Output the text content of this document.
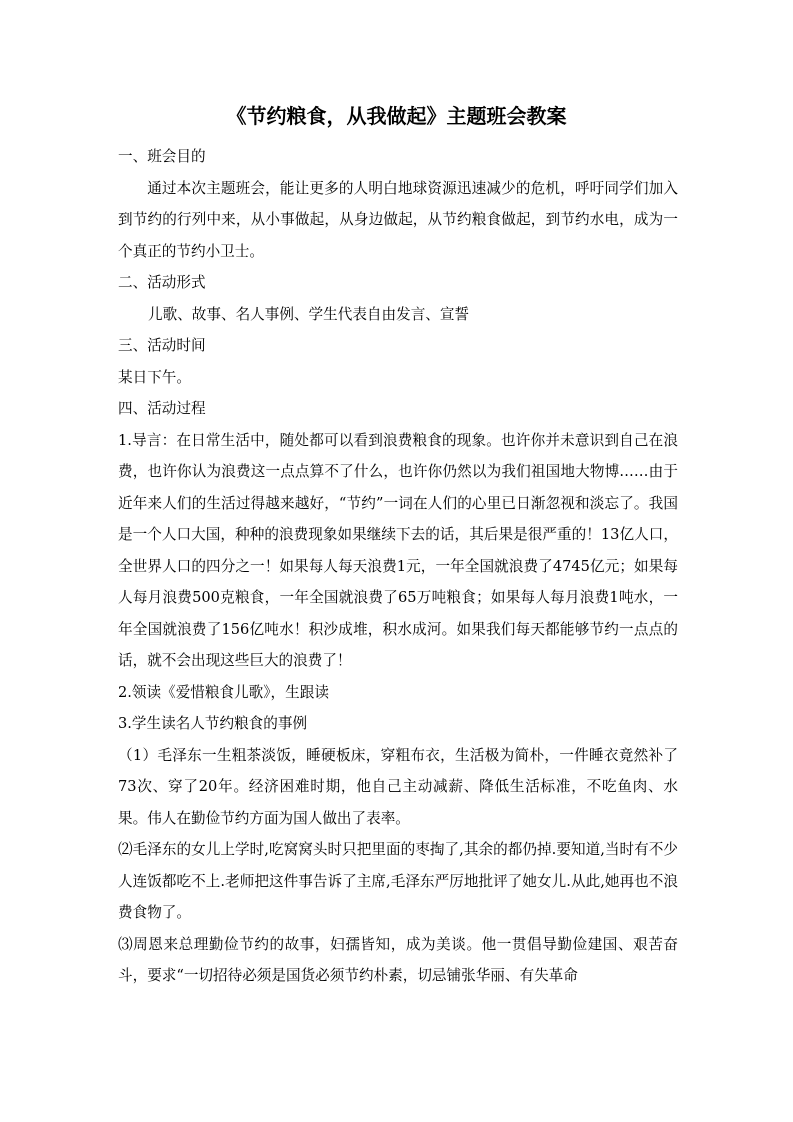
《节约粮食，从我做起》主题班会教案

一、班会目的

通过本次主题班会，能让更多的人明白地球资源迅速减少的危机，呼吁同学们加入到节约的行列中来，从小事做起，从身边做起，从节约粮食做起，到节约水电，成为一个真正的节约小卫士。

二、活动形式

儿歌、故事、名人事例、学生代表自由发言、宣誓

三、活动时间

某日下午。

四、活动过程

1.导言：在日常生活中，随处都可以看到浪费粮食的现象。也许你并未意识到自己在浪费，也许你认为浪费这一点点算不了什么，也许你仍然以为我们祖国地大物博……由于近年来人们的生活过得越来越好，“节约”一词在人们的心里已日渐忽视和淡忘了。我国是一个人口大国，种种的浪费现象如果继续下去的话，其后果是很严重的！13亿人口，全世界人口的四分之一！如果每人每天浪费1元，一年全国就浪费了4745亿元；如果每人每月浪费500克粮食，一年全国就浪费了65万吨粮食；如果每人每月浪费1吨水，一年全国就浪费了156亿吨水！积沙成堆，积水成河。如果我们每天都能够节约一点点的话，就不会出现这些巨大的浪费了！

2.领读《爱惜粮食儿歌》，生跟读

3.学生读名人节约粮食的事例

（1）毛泽东一生粗茶淡饭，睡硬板床，穿粗布衣，生活极为简朴，一件睡衣竟然补了73次、穿了20年。经济困难时期，他自己主动减薪、降低生活标准，不吃鱼肉、水果。伟人在勤俭节约方面为国人做出了表率。

⑵毛泽东的女儿上学时,吃窝窝头时只把里面的枣掏了,其余的都仍掉.要知道,当时有不少人连饭都吃不上.老师把这件事告诉了主席,毛泽东严厉地批评了她女儿.从此,她再也不浪费食物了。

⑶周恩来总理勤俭节约的故事，妇孺皆知，成为美谈。他一贯倡导勤俭建国、艰苦奋斗，要求“一切招待必须是国货必须节约朴素，切忌铺张华丽、有失革命
